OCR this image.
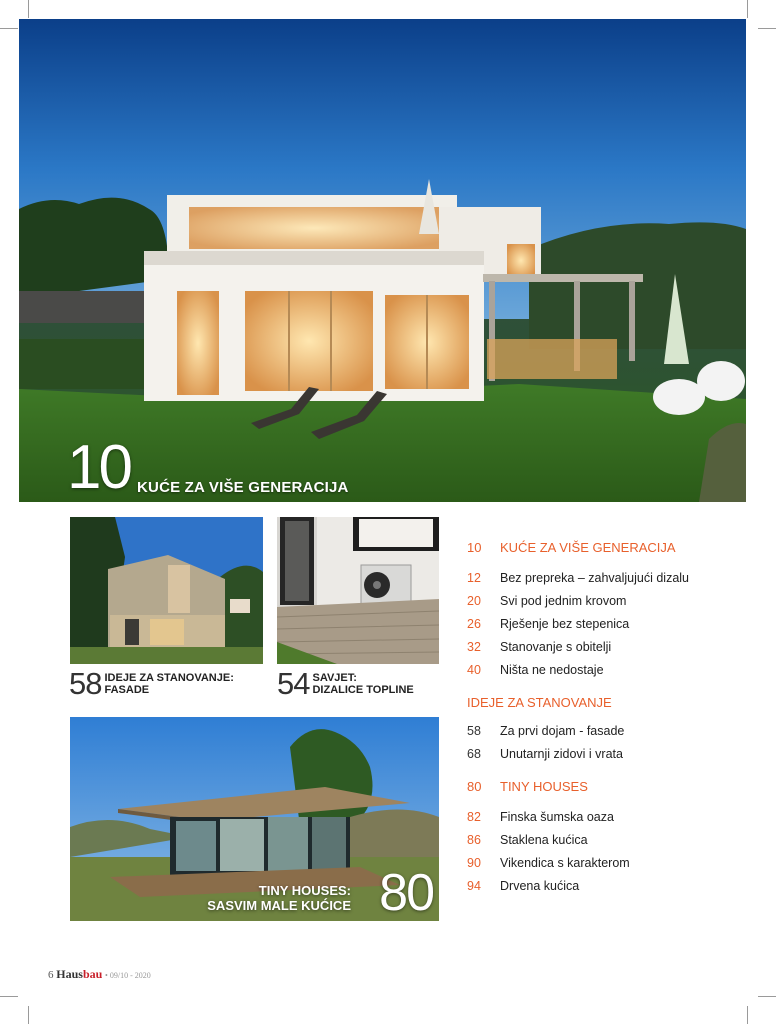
10 KUĆE ZA VIŠE GENERACIJA
58 IDEJE ZA STANOVANJE:
FASADE	54 SAVJET:
DIZALICE TOPLINE
TINY HOUSES:
SASVIM MALE KUĆICE 80
10	KUĆE ZA VIŠE GENERACIJA
12	Bez prepreka – zahvaljujući dizalu
20	Svi pod jednim krovom
26	Rješenje bez stepenica
32	Stanovanje s obitelji
40	Ništa ne nedostaje
IDEJE ZA STANOVANJE
58	Za prvi dojam - fasade
68	Unutarnji zidovi i vrata
80	TINY HOUSES
82	Finska šumska oaza
86	Staklena kućica
90	Vikendica s karakterom
94	Drvena kućica
6 Hausbau • 09/10 - 2020
